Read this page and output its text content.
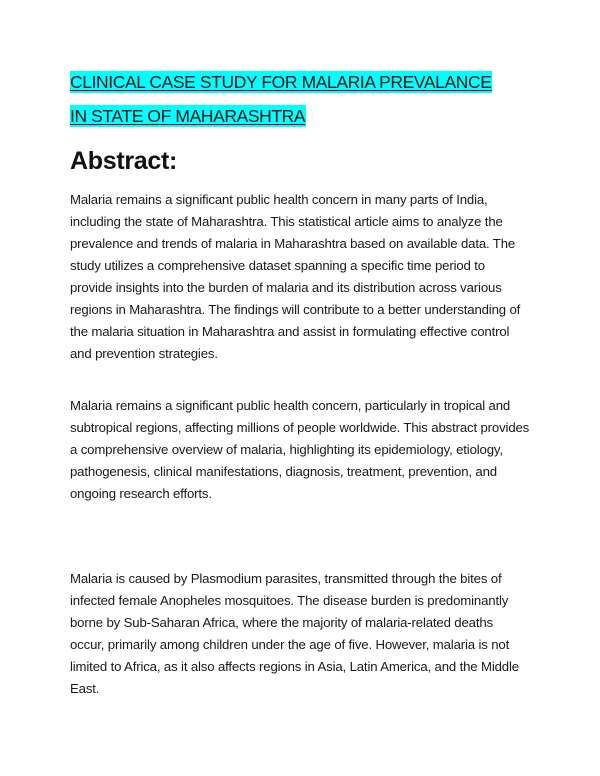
CLINICAL CASE STUDY FOR MALARIA PREVALANCE
IN STATE OF MAHARASHTRA
Abstract:

Malaria remains a significant public health concern in many parts of India, including the state of Maharashtra. This statistical article aims to analyze the prevalence and trends of malaria in Maharashtra based on available data. The study utilizes a comprehensive dataset spanning a specific time period to provide insights into the burden of malaria and its distribution across various regions in Maharashtra. The findings will contribute to a better understanding of the malaria situation in Maharashtra and assist in formulating effective control and prevention strategies.

Malaria remains a significant public health concern, particularly in tropical and subtropical regions, affecting millions of people worldwide. This abstract provides a comprehensive overview of malaria, highlighting its epidemiology, etiology, pathogenesis, clinical manifestations, diagnosis, treatment, prevention, and ongoing research efforts.

Malaria is caused by Plasmodium parasites, transmitted through the bites of infected female Anopheles mosquitoes. The disease burden is predominantly borne by Sub-Saharan Africa, where the majority of malaria-related deaths occur, primarily among children under the age of five. However, malaria is not limited to Africa, as it also affects regions in Asia, Latin America, and the Middle East.
